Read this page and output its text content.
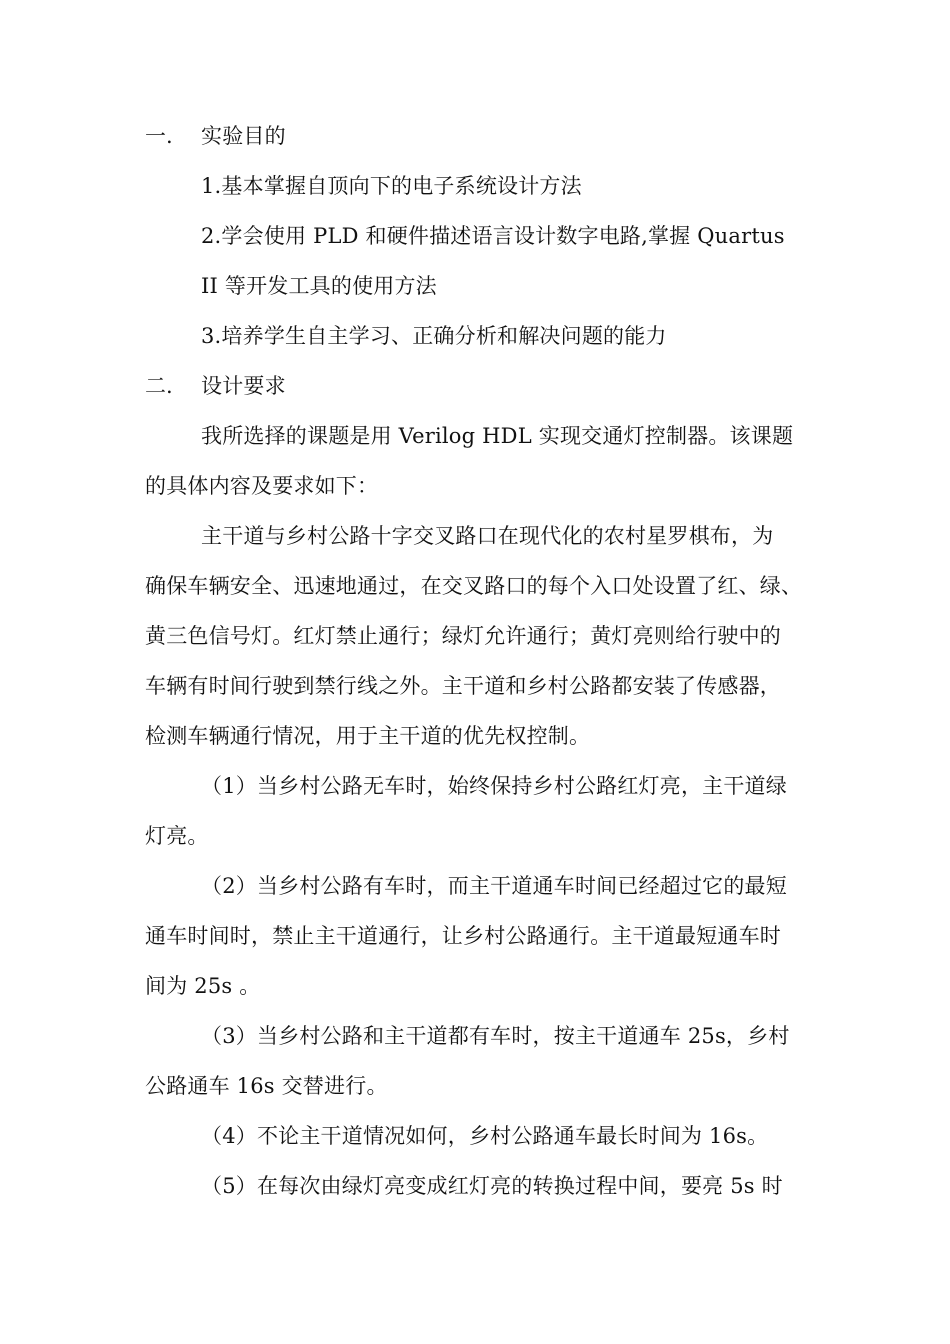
一. 实验目的
1.基本掌握自顶向下的电子系统设计方法
2.学会使用 PLD 和硬件描述语言设计数字电路,掌握 Quartus
II 等开发工具的使用方法
3.培养学生自主学习、正确分析和解决问题的能力
二. 设计要求
我所选择的课题是用 Verilog HDL 实现交通灯控制器。该课题
的具体内容及要求如下：
主干道与乡村公路十字交叉路口在现代化的农村星罗棋布，为
确保车辆安全、迅速地通过，在交叉路口的每个入口处设置了红、绿、
黄三色信号灯。红灯禁止通行；绿灯允许通行；黄灯亮则给行驶中的
车辆有时间行驶到禁行线之外。主干道和乡村公路都安装了传感器，
检测车辆通行情况，用于主干道的优先权控制。
（1）当乡村公路无车时，始终保持乡村公路红灯亮，主干道绿
灯亮。
（2）当乡村公路有车时，而主干道通车时间已经超过它的最短
通车时间时，禁止主干道通行，让乡村公路通行。主干道最短通车时
间为 25s 。
（3）当乡村公路和主干道都有车时，按主干道通车 25s，乡村
公路通车 16s 交替进行。
（4）不论主干道情况如何，乡村公路通车最长时间为 16s。
（5）在每次由绿灯亮变成红灯亮的转换过程中间，要亮 5s 时
